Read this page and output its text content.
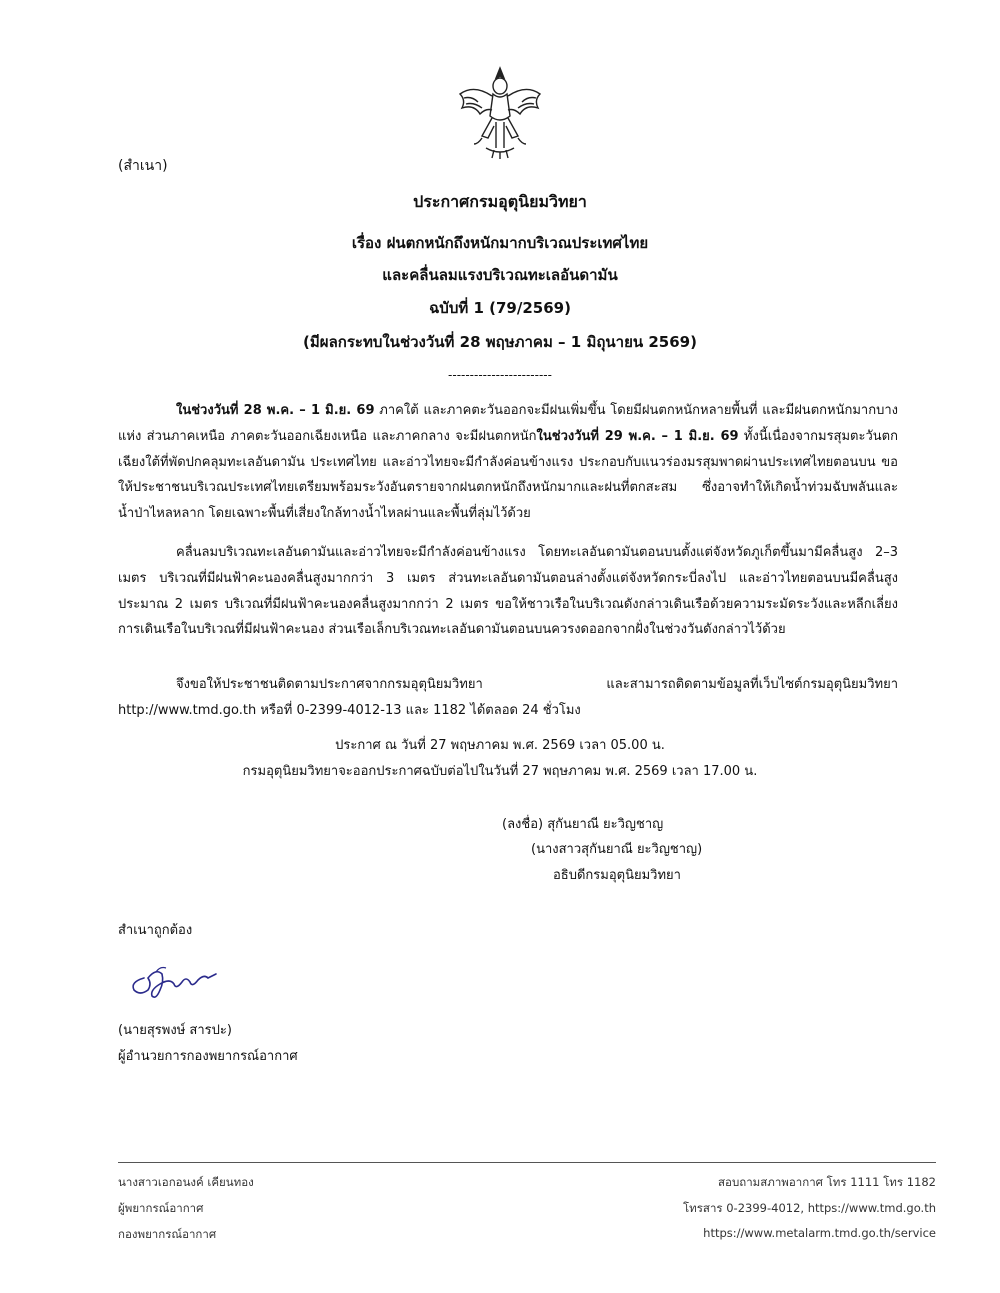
(สำเนา)
ประกาศกรมอุตุนิยมวิทยา
เรื่อง ฝนตกหนักถึงหนักมากบริเวณประเทศไทย
และคลื่นลมแรงบริเวณทะเลอันดามัน
ฉบับที่ 1 (79/2569)
(มีผลกระทบในช่วงวันที่ 28 พฤษภาคม – 1 มิถุนายน 2569)
------------------------

ในช่วงวันที่ 28 พ.ค. – 1 มิ.ย. 69 ภาคใต้ และภาคตะวันออกจะมีฝนเพิ่มขึ้น โดยมีฝนตกหนักหลายพื้นที่ และมีฝนตกหนักมากบางแห่ง ส่วนภาคเหนือ ภาคตะวันออกเฉียงเหนือ และภาคกลาง จะมีฝนตกหนักในช่วงวันที่ 29 พ.ค. – 1 มิ.ย. 69 ทั้งนี้เนื่องจากมรสุมตะวันตกเฉียงใต้ที่พัดปกคลุมทะเลอันดามัน ประเทศไทย และอ่าวไทยจะมีกำลังค่อนข้างแรง ประกอบกับแนวร่องมรสุมพาดผ่านประเทศไทยตอนบน ขอให้ประชาชนบริเวณประเทศไทยเตรียมพร้อมระวังอันตรายจากฝนตกหนักถึงหนักมากและฝนที่ตกสะสม ซึ่งอาจทำให้เกิดน้ำท่วมฉับพลันและน้ำป่าไหลหลาก โดยเฉพาะพื้นที่เสี่ยงใกล้ทางน้ำไหลผ่านและพื้นที่ลุ่มไว้ด้วย

คลื่นลมบริเวณทะเลอันดามันและอ่าวไทยจะมีกำลังค่อนข้างแรง โดยทะเลอันดามันตอนบนตั้งแต่จังหวัดภูเก็ตขึ้นมามีคลื่นสูง 2–3 เมตร บริเวณที่มีฝนฟ้าคะนองคลื่นสูงมากกว่า 3 เมตร ส่วนทะเลอันดามันตอนล่างตั้งแต่จังหวัดกระบี่ลงไป และอ่าวไทยตอนบนมีคลื่นสูงประมาณ 2 เมตร บริเวณที่มีฝนฟ้าคะนองคลื่นสูงมากกว่า 2 เมตร ขอให้ชาวเรือในบริเวณดังกล่าวเดินเรือด้วยความระมัดระวังและหลีกเลี่ยงการเดินเรือในบริเวณที่มีฝนฟ้าคะนอง ส่วนเรือเล็กบริเวณทะเลอันดามันตอนบนควรงดออกจากฝั่งในช่วงวันดังกล่าวไว้ด้วย

จึงขอให้ประชาชนติดตามประกาศจากกรมอุตุนิยมวิทยา และสามารถติดตามข้อมูลที่เว็บไซต์กรมอุตุนิยมวิทยา http://www.tmd.go.th หรือที่ 0-2399-4012-13 และ 1182 ได้ตลอด 24 ชั่วโมง

ประกาศ ณ วันที่ 27 พฤษภาคม พ.ศ. 2569 เวลา 05.00 น.
กรมอุตุนิยมวิทยาจะออกประกาศฉบับต่อไปในวันที่ 27 พฤษภาคม พ.ศ. 2569 เวลา 17.00 น.
(ลงชื่อ) สุกันยาณี ยะวิญชาญ
(นางสาวสุกันยาณี ยะวิญชาญ)
อธิบดีกรมอุตุนิยมวิทยา
สำเนาถูกต้อง
(นายสุรพงษ์ สารปะ)
ผู้อำนวยการกองพยากรณ์อากาศ
นางสาวเอกอนงค์ เคียนทอง
ผู้พยากรณ์อากาศ
กองพยากรณ์อากาศ
สอบถามสภาพอากาศ โทร 1111 โทร 1182
โทรสาร 0-2399-4012, https://www.tmd.go.th
https://www.metalarm.tmd.go.th/service
